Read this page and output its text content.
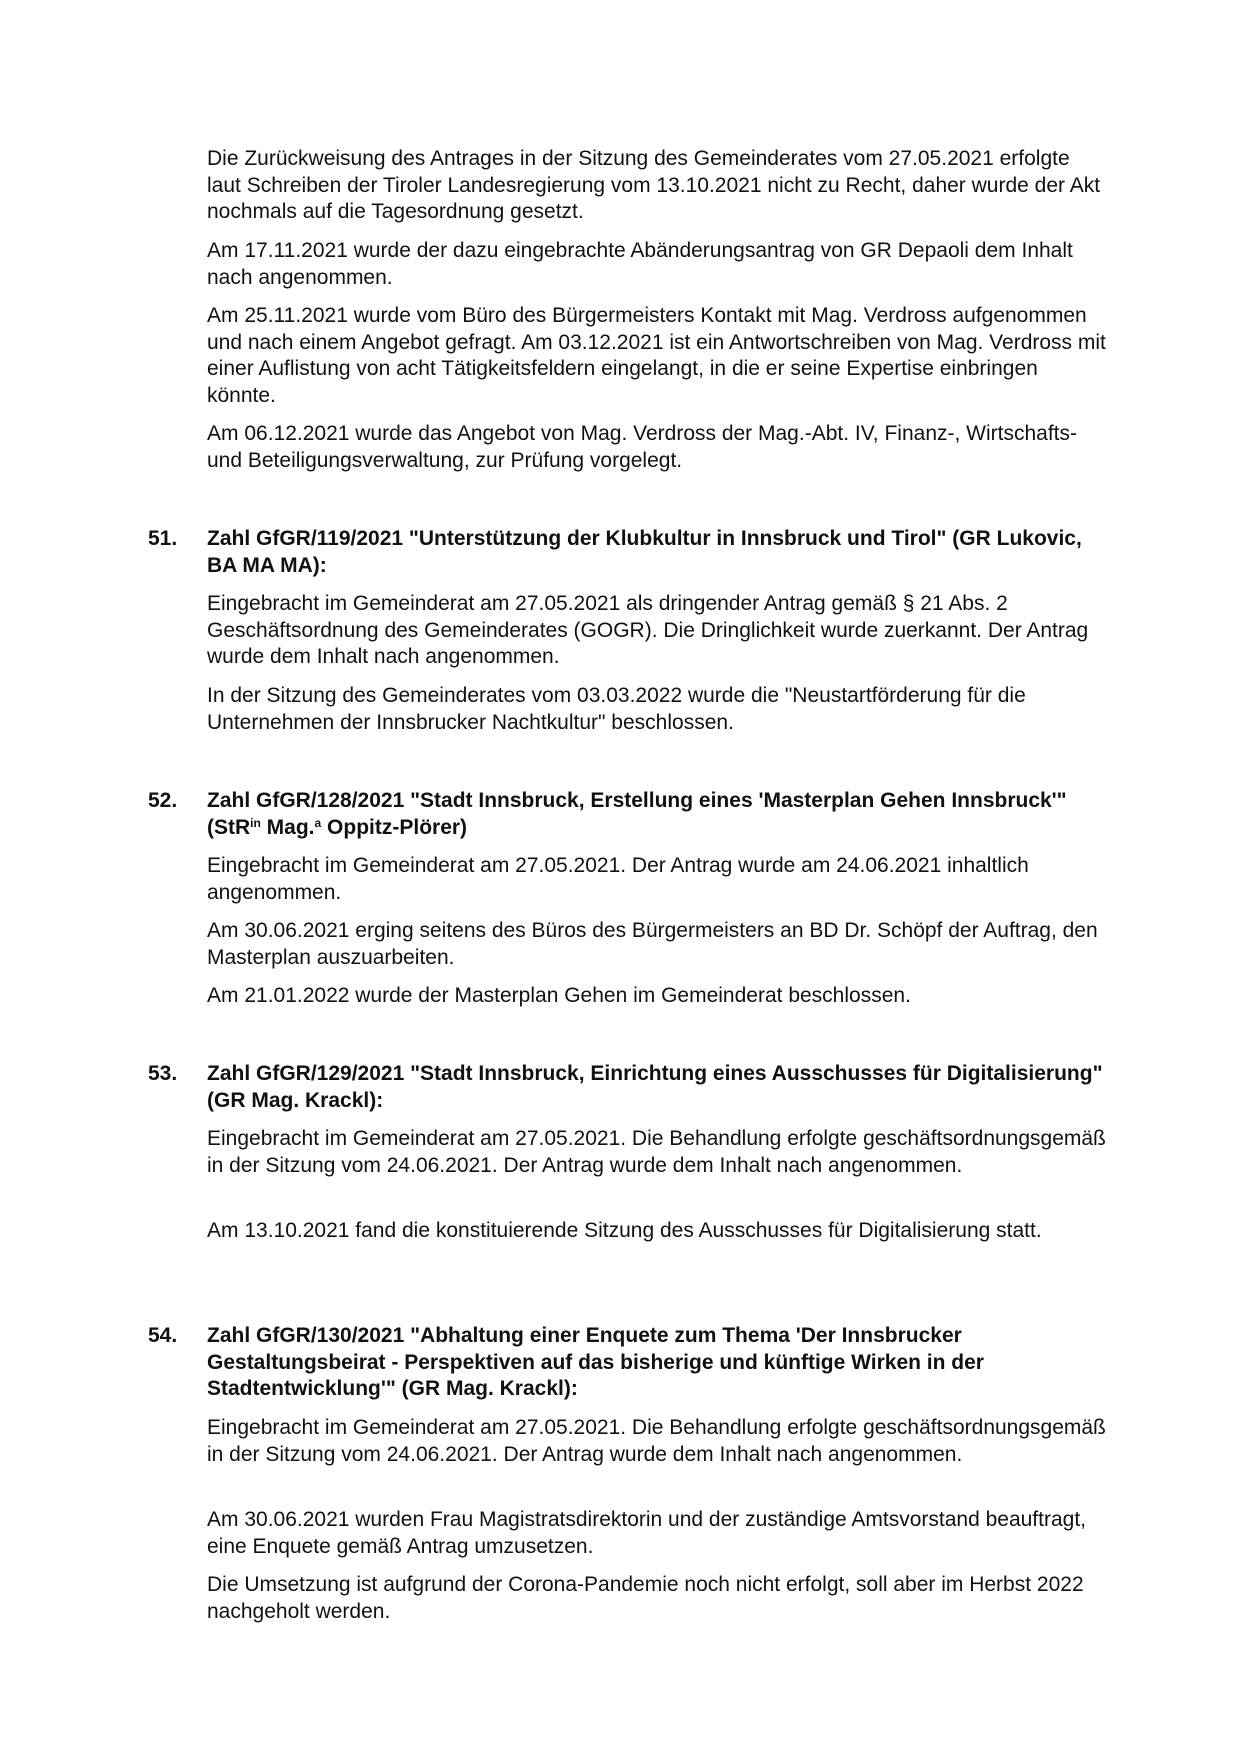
Die Zurückweisung des Antrages in der Sitzung des Gemeinderates vom 27.05.2021 erfolgte laut Schreiben der Tiroler Landesregierung vom 13.10.2021 nicht zu Recht, daher wurde der Akt nochmals auf die Tagesordnung gesetzt.

Am 17.11.2021 wurde der dazu eingebrachte Abänderungsantrag von GR Depaoli dem Inhalt nach angenommen.

Am 25.11.2021 wurde vom Büro des Bürgermeisters Kontakt mit Mag. Verdross aufgenommen und nach einem Angebot gefragt. Am 03.12.2021 ist ein Antwortschreiben von Mag. Verdross mit einer Auflistung von acht Tätigkeitsfeldern eingelangt, in die er seine Expertise einbringen könnte.

Am 06.12.2021 wurde das Angebot von Mag. Verdross der Mag.-Abt. IV, Finanz-, Wirtschafts- und Beteiligungsverwaltung, zur Prüfung vorgelegt.

51.	Zahl GfGR/119/2021 "Unterstützung der Klubkultur in Innsbruck und Tirol" (GR Lukovic, BA MA MA):

Eingebracht im Gemeinderat am 27.05.2021 als dringender Antrag gemäß § 21 Abs. 2 Geschäftsordnung des Gemeinderates (GOGR). Die Dringlichkeit wurde zuerkannt. Der Antrag wurde dem Inhalt nach angenommen.

In der Sitzung des Gemeinderates vom 03.03.2022 wurde die "Neustartförderung für die Unternehmen der Innsbrucker Nachtkultur" beschlossen.

52.	Zahl GfGR/128/2021 "Stadt Innsbruck, Erstellung eines 'Masterplan Gehen Innsbruck'" (StR$^{in}$ Mag.$^a$ Oppitz-Plörer)

Eingebracht im Gemeinderat am 27.05.2021. Der Antrag wurde am 24.06.2021 inhaltlich angenommen.

Am 30.06.2021 erging seitens des Büros des Bürgermeisters an BD Dr. Schöpf der Auftrag, den Masterplan auszuarbeiten.

Am 21.01.2022 wurde der Masterplan Gehen im Gemeinderat beschlossen.

53.	Zahl GfGR/129/2021 "Stadt Innsbruck, Einrichtung eines Ausschusses für Digitalisierung" (GR Mag. Krackl):

Eingebracht im Gemeinderat am 27.05.2021. Die Behandlung erfolgte geschäftsordnungsgemäß in der Sitzung vom 24.06.2021. Der Antrag wurde dem Inhalt nach angenommen.

Am 13.10.2021 fand die konstituierende Sitzung des Ausschusses für Digitalisierung statt.

54.	Zahl GfGR/130/2021 "Abhaltung einer Enquete zum Thema 'Der Innsbrucker Gestaltungsbeirat - Perspektiven auf das bisherige und künftige Wirken in der Stadtentwicklung'" (GR Mag. Krackl):

Eingebracht im Gemeinderat am 27.05.2021. Die Behandlung erfolgte geschäftsordnungsgemäß in der Sitzung vom 24.06.2021. Der Antrag wurde dem Inhalt nach angenommen.

Am 30.06.2021 wurden Frau Magistratsdirektorin und der zuständige Amtsvorstand beauftragt, eine Enquete gemäß Antrag umzusetzen.

Die Umsetzung ist aufgrund der Corona-Pandemie noch nicht erfolgt, soll aber im Herbst 2022 nachgeholt werden.
